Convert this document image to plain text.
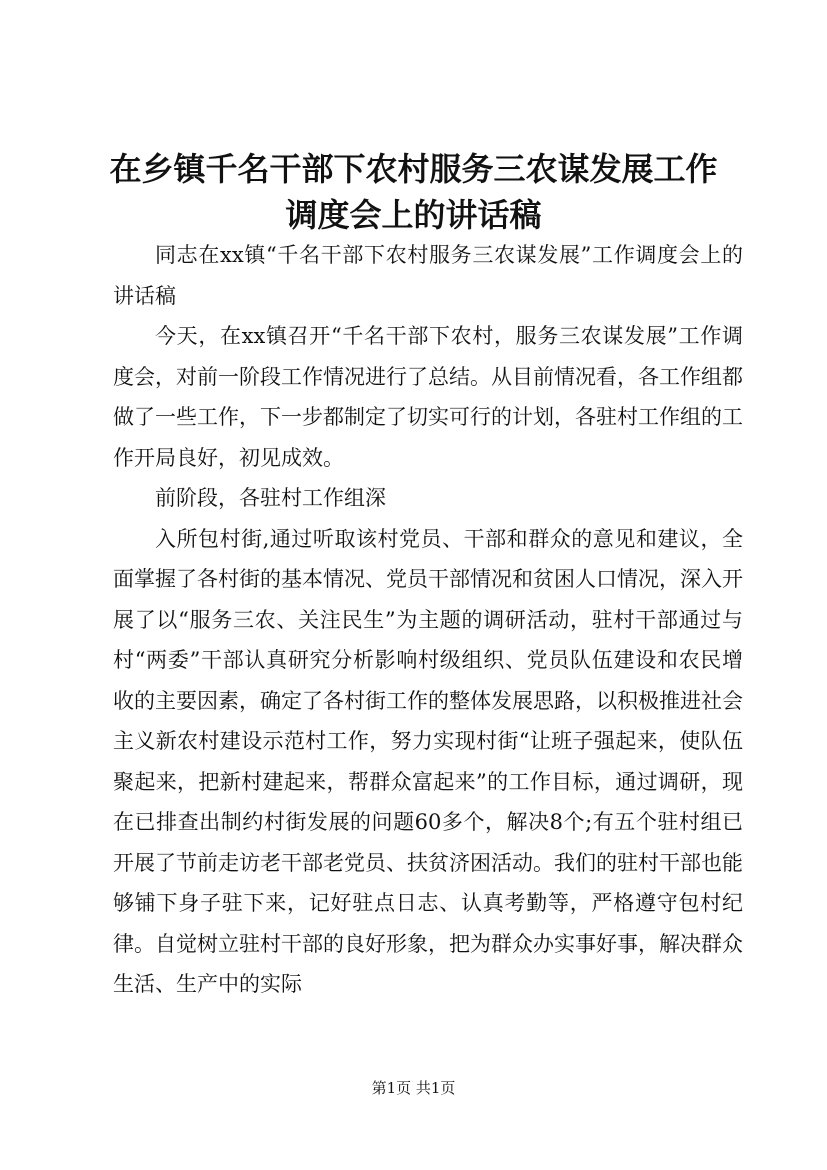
在乡镇千名干部下农村服务三农谋发展工作调度会上的讲话稿

同志在xx镇“千名干部下农村服务三农谋发展”工作调度会上的讲话稿

今天，在xx镇召开“千名干部下农村，服务三农谋发展”工作调度会，对前一阶段工作情况进行了总结。从目前情况看，各工作组都做了一些工作，下一步都制定了切实可行的计划，各驻村工作组的工作开局良好，初见成效。

前阶段，各驻村工作组深

入所包村街,通过听取该村党员、干部和群众的意见和建议，全面掌握了各村街的基本情况、党员干部情况和贫困人口情况，深入开展了以“服务三农、关注民生”为主题的调研活动，驻村干部通过与村“两委”干部认真研究分析影响村级组织、党员队伍建设和农民增收的主要因素，确定了各村街工作的整体发展思路，以积极推进社会主义新农村建设示范村工作，努力实现村街“让班子强起来，使队伍聚起来，把新村建起来，帮群众富起来”的工作目标，通过调研，现在已排查出制约村街发展的问题60多个，解决8个;有五个驻村组已开展了节前走访老干部老党员、扶贫济困活动。我们的驻村干部也能够铺下身子驻下来，记好驻点日志、认真考勤等，严格遵守包村纪律。自觉树立驻村干部的良好形象，把为群众办实事好事，解决群众生活、生产中的实际

第1页 共1页
